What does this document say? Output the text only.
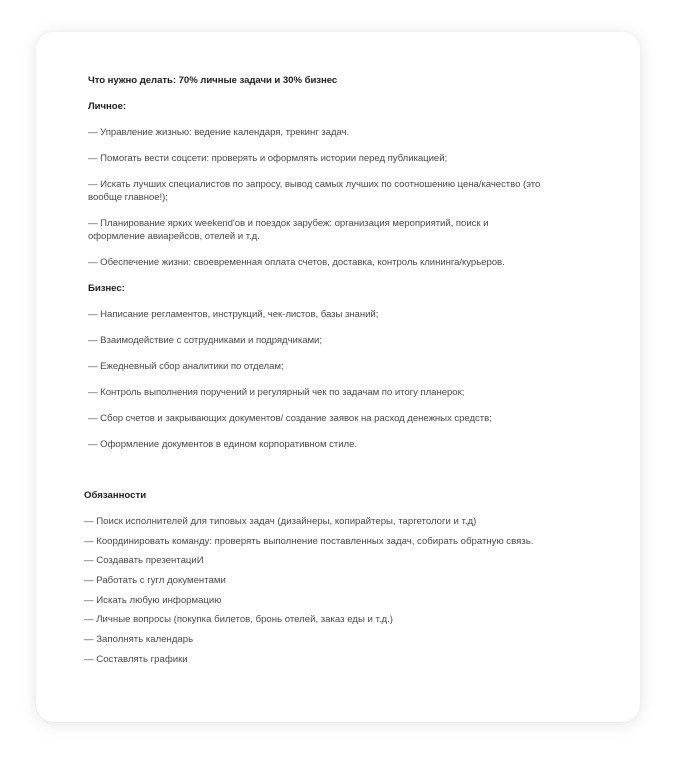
Что нужно делать: 70% личные задачи и 30% бизнес

Личное:

— Управление жизнью: ведение календаря, трекинг задач.

— Помогать вести соцсети: проверять и оформлять истории перед публикацией;

— Искать лучших специалистов по запросу, вывод самых лучших по соотношению цена/качество (это

вообще главное!);

— Планирование ярких weekend'ов и поездок зарубеж: организация мероприятий, поиск и

оформление авиарейсов, отелей и т.д.

— Обеспечение жизни: своевременная оплата счетов, доставка, контроль клининга/курьеров.

Бизнес:

— Написание регламентов, инструкций, чек-листов, базы знаний;

— Взаимодействие с сотрудниками и подрядчиками;

— Ежедневный сбор аналитики по отделам;

— Контроль выполнения поручений и регулярный чек по задачам по итогу планерок;

— Сбор счетов и закрывающих документов/ создание заявок на расход денежных средств;

— Оформление документов в едином корпоративном стиле.

Обязанности

— Поиск исполнителей для типовых задач (дизайнеры, копирайтеры, таргетологи и т.д)

— Координировать команду: проверять выполнение поставленных задач, собирать обратную связь.

— Создавать презентациИ

— Работать с гугл документами

— Искать любую информацию

— Личные вопросы (покупка билетов, бронь отелей, заказ еды и т.д.)

— Заполнять календарь

— Составлять графики
